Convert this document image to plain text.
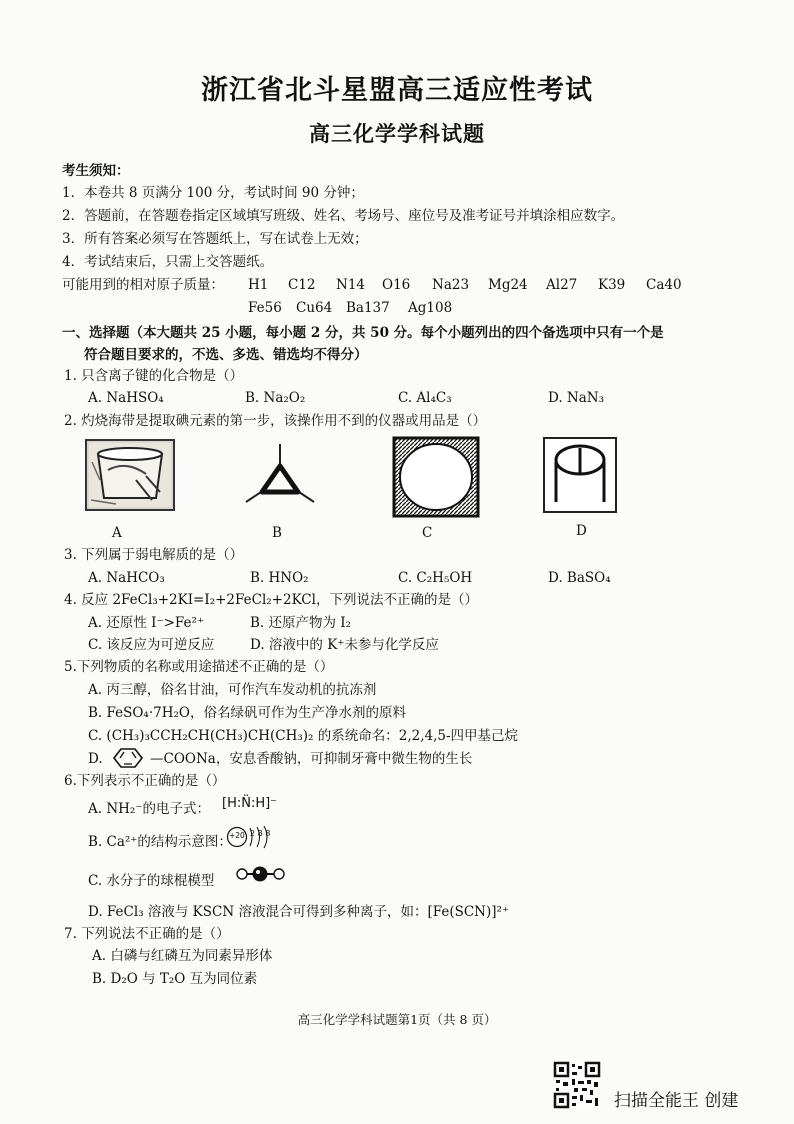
浙江省北斗星盟高三适应性考试
高三化学学科试题
考生须知：
1．本卷共 8 页满分 100 分，考试时间 90 分钟；
2．答题前，在答题卷指定区域填写班级、姓名、考场号、座位号及准考证号并填涂相应数字。
3．所有答案必须写在答题纸上，写在试卷上无效；
4．考试结束后，只需上交答题纸。
可能用到的相对原子质量： H1 C12 N14 O16 Na23 Mg24 Al27 K39 Ca40
Fe56 Cu64 Ba137 Ag108
一、选择题（本大题共 25 小题，每小题 2 分，共 50 分。每个小题列出的四个备选项中只有一个是
符合题目要求的，不选、多选、错选均不得分）
1. 只含离子键的化合物是（）
A. NaHSO₄	B. Na₂O₂	C. Al₄C₃	D. NaN₃
2. 灼烧海带是提取碘元素的第一步，该操作用不到的仪器或用品是（）
A	B	C	D
3. 下列属于弱电解质的是（）
A. NaHCO₃	B. HNO₂	C. C₂H₅OH	D. BaSO₄
4. 反应 2FeCl₃+2KI=I₂+2FeCl₂+2KCl，下列说法不正确的是（）
A. 还原性 I⁻>Fe²⁺	B. 还原产物为 I₂
C. 该反应为可逆反应	D. 溶液中的 K⁺未参与化学反应
5.下列物质的名称或用途描述不正确的是（）
A. 丙三醇，俗名甘油，可作汽车发动机的抗冻剂
B. FeSO₄·7H₂O，俗名绿矾可作为生产净水剂的原料
C. (CH₃)₃CCH₂CH(CH₃)CH(CH₃)₂ 的系统命名：2,2,4,5-四甲基己烷
D.	—COONa，安息香酸钠，可抑制牙膏中微生物的生长
6.下列表示不正确的是（）
A. NH₂⁻的电子式： [H:N̈:H]⁻
B. Ca²⁺的结构示意图：
+20 2 8 8
C. 水分子的球棍模型
D. FeCl₃ 溶液与 KSCN 溶液混合可得到多种离子，如：[Fe(SCN)]²⁺
7. 下列说法不正确的是（）
A. 白磷与红磷互为同素异形体
B. D₂O 与 T₂O 互为同位素
高三化学学科试题第1页（共 8 页）
扫描全能王 创建
